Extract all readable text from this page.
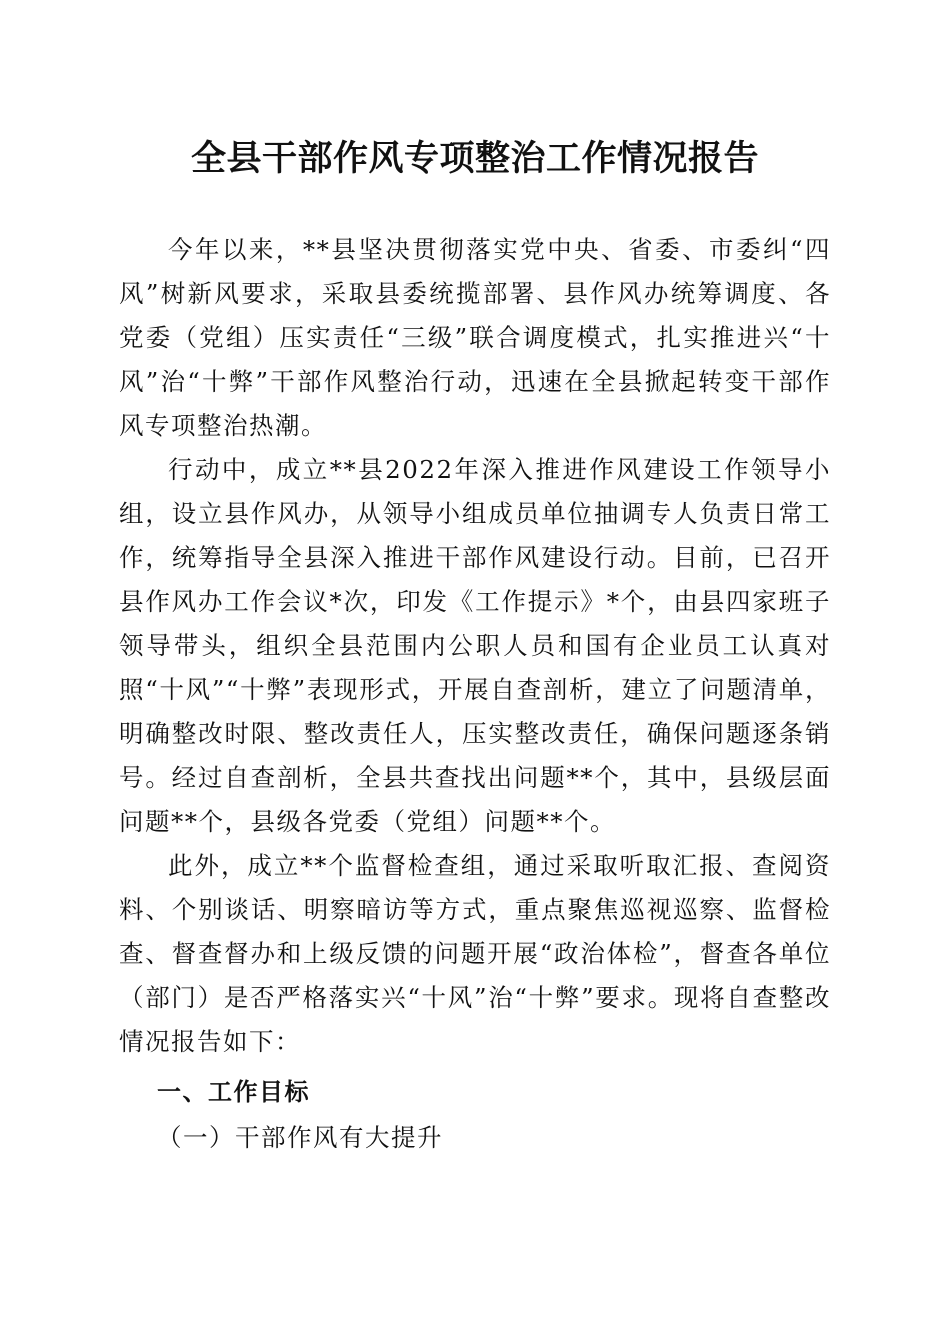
全县干部作风专项整治工作情况报告

今年以来，**县坚决贯彻落实党中央、省委、市委纠“四风”树新风要求，采取县委统揽部署、县作风办统筹调度、各党委（党组）压实责任“三级”联合调度模式，扎实推进兴“十风”治“十弊”干部作风整治行动，迅速在全县掀起转变干部作风专项整治热潮。

行动中，成立**县2022年深入推进作风建设工作领导小组，设立县作风办，从领导小组成员单位抽调专人负责日常工作，统筹指导全县深入推进干部作风建设行动。目前，已召开县作风办工作会议*次，印发《工作提示》*个，由县四家班子领导带头，组织全县范围内公职人员和国有企业员工认真对照“十风”“十弊”表现形式，开展自查剖析，建立了问题清单，明确整改时限、整改责任人，压实整改责任，确保问题逐条销号。经过自查剖析，全县共查找出问题**个，其中，县级层面问题**个，县级各党委（党组）问题**个。

此外，成立**个监督检查组，通过采取听取汇报、查阅资料、个别谈话、明察暗访等方式，重点聚焦巡视巡察、监督检查、督查督办和上级反馈的问题开展“政治体检”，督查各单位（部门）是否严格落实兴“十风”治“十弊”要求。现将自查整改情况报告如下：

一、工作目标

（一）干部作风有大提升
